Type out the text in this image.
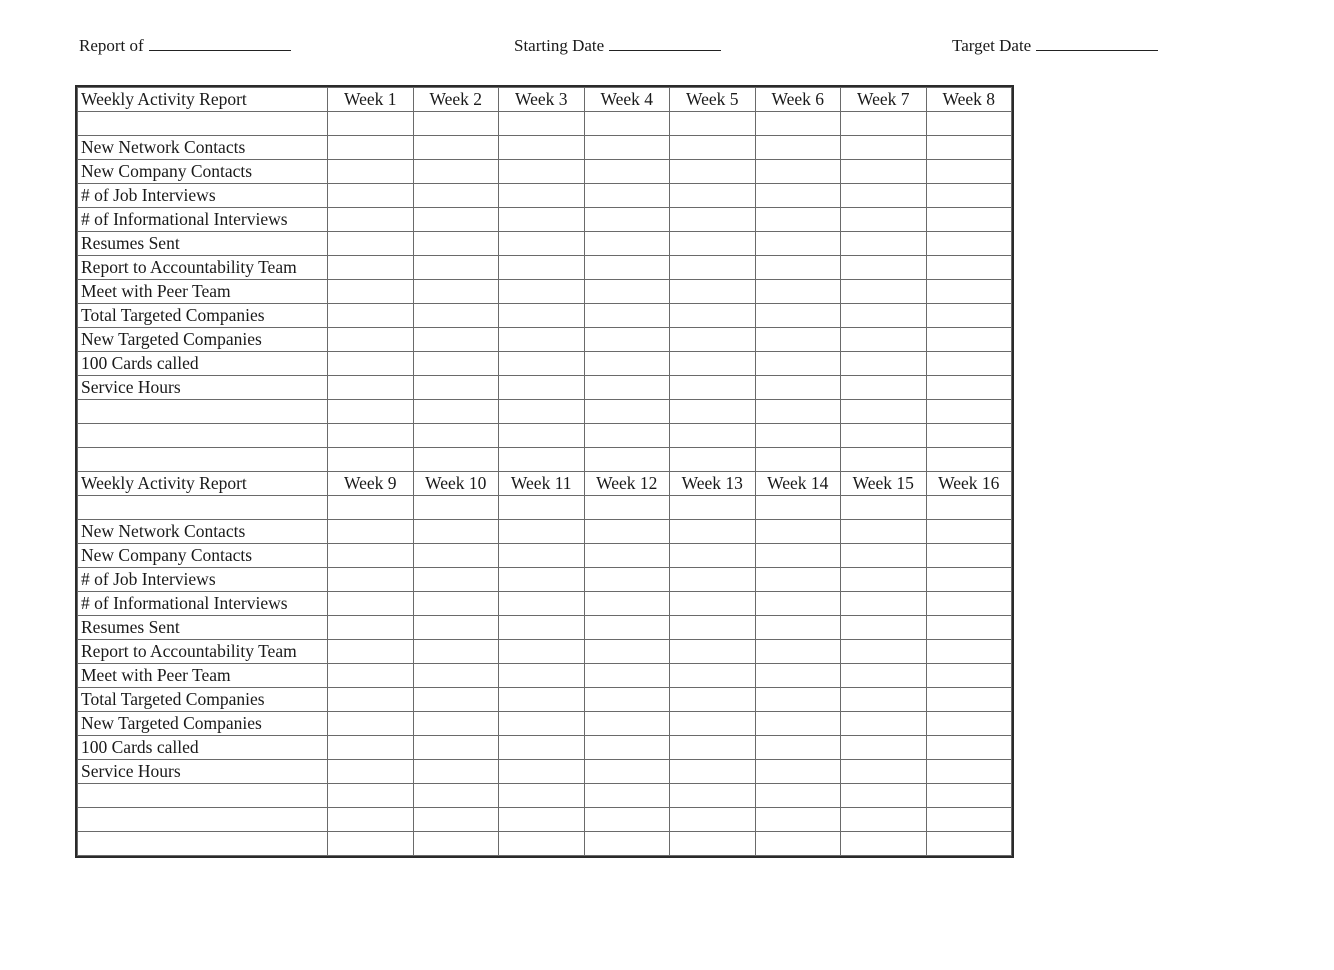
Report of	Starting Date	Target Date
Weekly Activity Report	Week 1	Week 2	Week 3	Week 4	Week 5	Week 6	Week 7	Week 8

New Network Contacts								
New Company Contacts								
# of Job Interviews								
# of Informational Interviews								
Resumes Sent								
Report to Accountability Team								
Meet with Peer Team								
Total Targeted Companies								
New Targeted Companies								
100 Cards called								
Service Hours								

Weekly Activity Report	Week 9	Week 10	Week 11	Week 12	Week 13	Week 14	Week 15	Week 16

New Network Contacts								
New Company Contacts								
# of Job Interviews								
# of Informational Interviews								
Resumes Sent								
Report to Accountability Team								
Meet with Peer Team								
Total Targeted Companies								
New Targeted Companies								
100 Cards called								
Service Hours								
